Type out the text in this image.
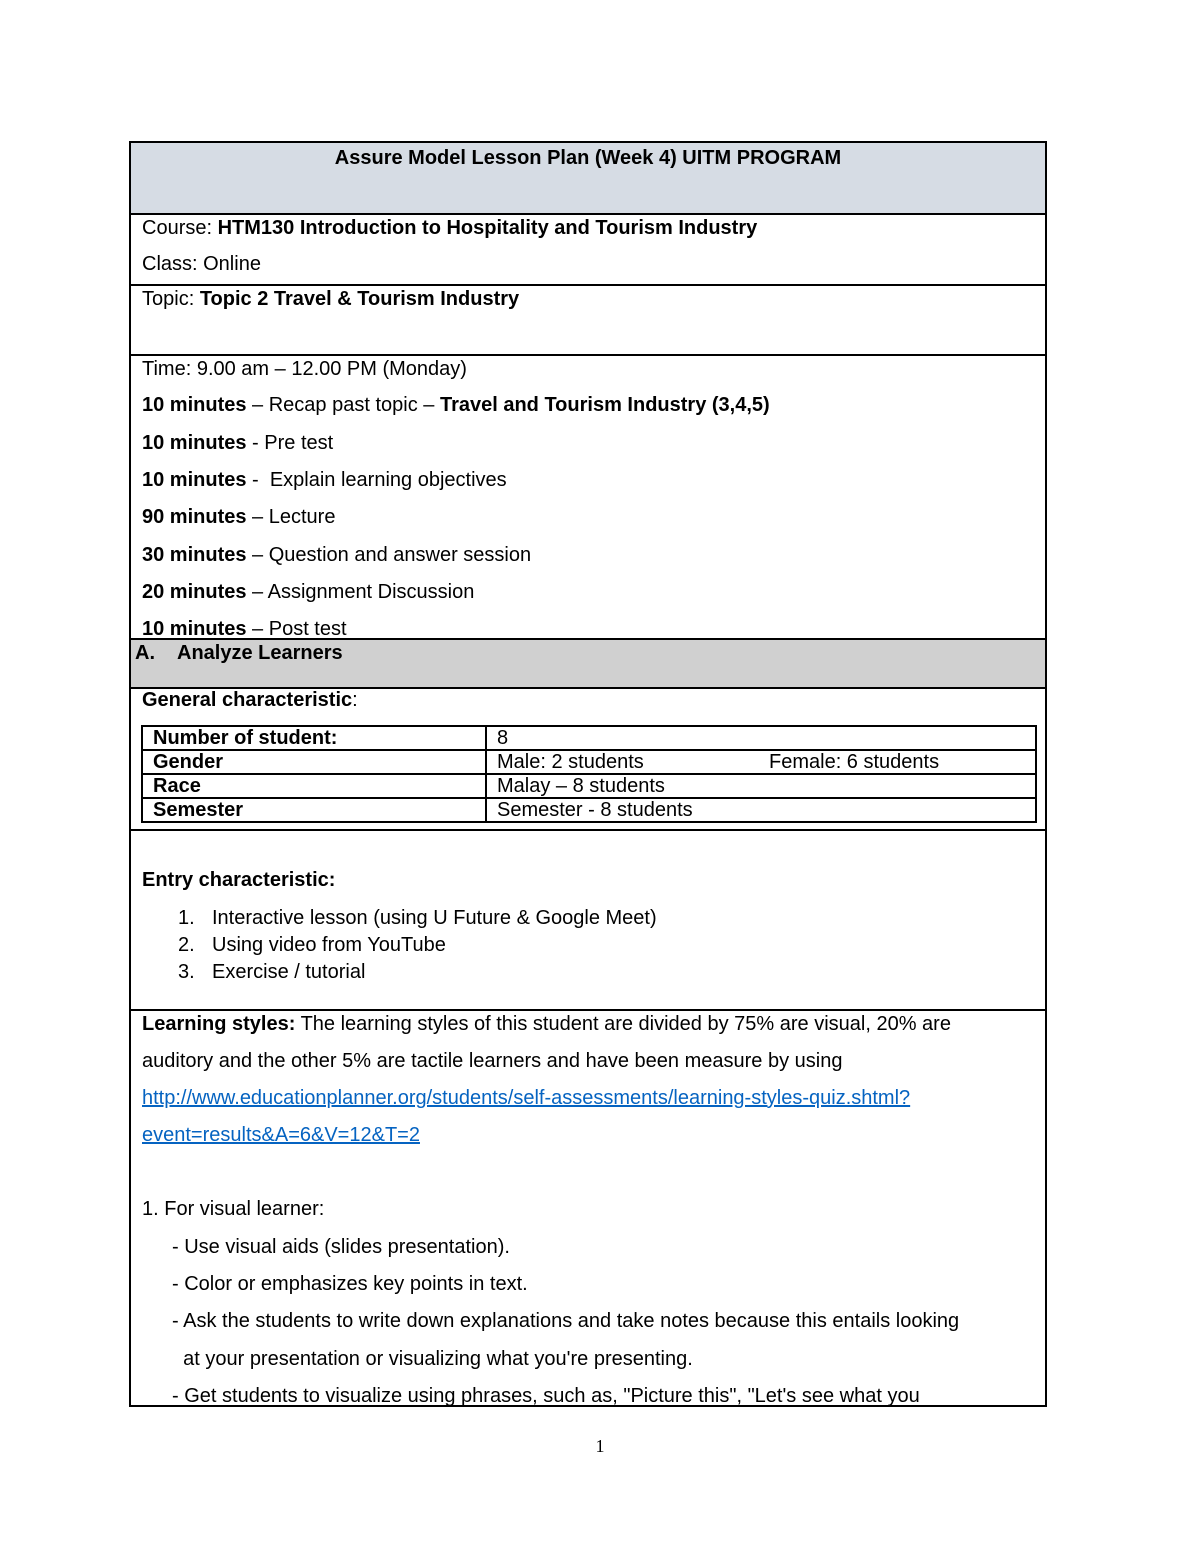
Assure Model Lesson Plan (Week 4) UITM PROGRAM
Course: HTM130 Introduction to Hospitality and Tourism Industry
Class: Online
Topic: Topic 2 Travel & Tourism Industry
Time: 9.00 am – 12.00 PM (Monday)
10 minutes – Recap past topic – Travel and Tourism Industry (3,4,5)
10 minutes - Pre test
10 minutes -  Explain learning objectives
90 minutes – Lecture
30 minutes – Question and answer session
20 minutes – Assignment Discussion
10 minutes – Post test
A. Analyze Learners
General characteristic:
Number of student:	8
Gender	Male: 2 students Female: 6 students

Race	Malay – 8 students
Semester	Semester - 8 students
Entry characteristic:
1. Interactive lesson (using U Future & Google Meet)
2. Using video from YouTube
3. Exercise / tutorial
Learning styles: The learning styles of this student are divided by 75% are visual, 20% are
auditory and the other 5% are tactile learners and have been measure by using
http://www.educationplanner.org/students/self-assessments/learning-styles-quiz.shtml?
event=results&A=6&V=12&T=2
1. For visual learner:
- Use visual aids (slides presentation).
- Color or emphasizes key points in text.
- Ask the students to write down explanations and take notes because this entails looking
at your presentation or visualizing what you're presenting.
- Get students to visualize using phrases, such as, "Picture this", "Let's see what you
1
